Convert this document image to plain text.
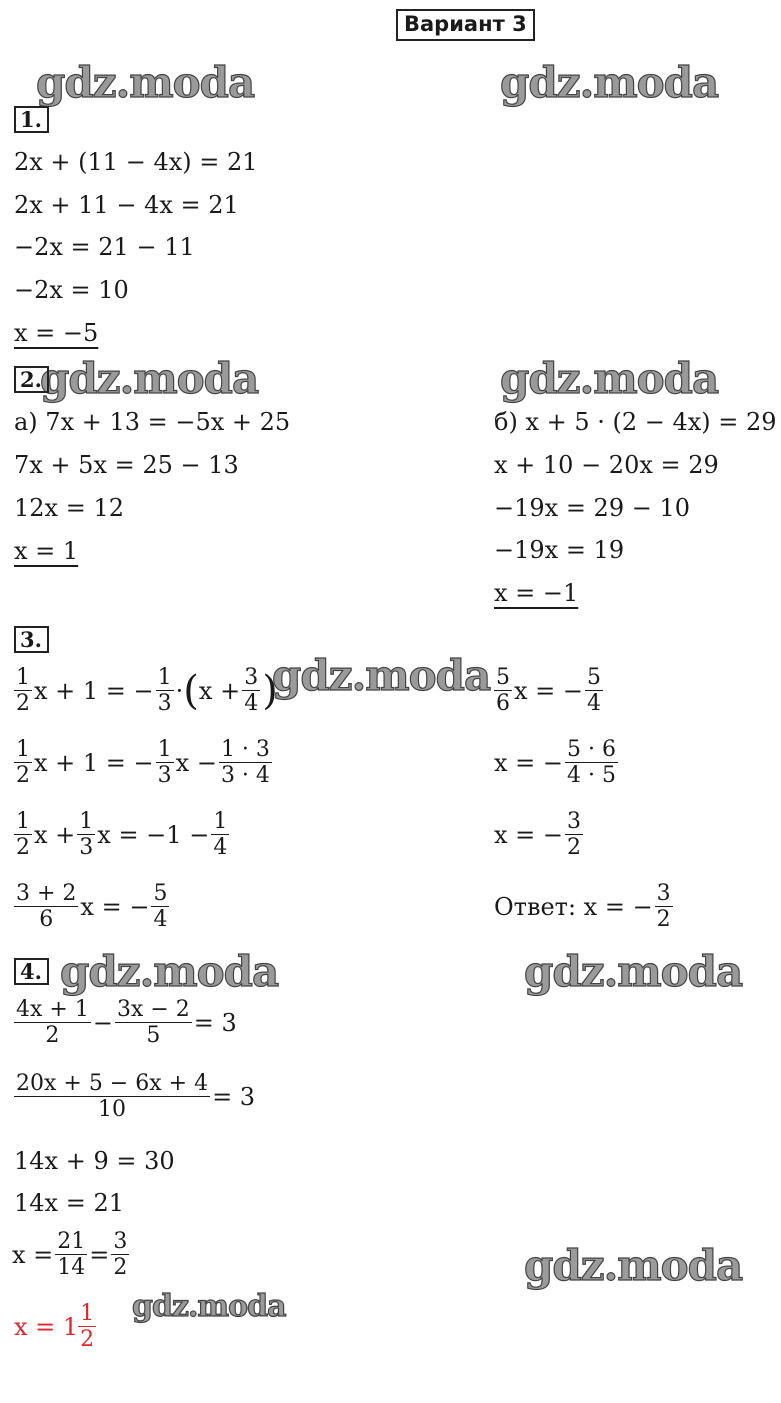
Вариант 3
gdz.moda	gdz.moda
gdz.moda	gdz.moda
gdz.moda
gdz.moda	gdz.moda
gdz.moda
gdz.moda
1.
2x + (11 − 4x) = 21
2x + 11 − 4x = 21
−2x = 21 − 11
−2x = 10
x = −5
2.
а) 7x + 13 = −5x + 25
7x + 5x = 25 − 13
12x = 12
x = 1
б) x + 5 · (2 − 4x) = 29
x + 10 − 20x = 29
−19x = 29 − 10
−19x = 19
x = −1
3.
$\frac{1}{2}$ x + 1 = − $\frac{1}{3}$ · ( $x + \frac{3}{4}$ )
$\frac{1}{2}$ x + 1 = − $\frac{1}{3}$ $x - \frac{1 \cdot 3}{3 \cdot 4}$
$\frac{1}{2}$ $x + \frac{1}{3}$ $x = -1 - \frac{1}{4}$
$\frac{3 + 2}{6}$ x = − $\frac{5}{4}$
$\frac{5}{6}$ x = − $\frac{5}{4}$
x = − $\frac{5 \cdot 6}{4 \cdot 5}$
x = − $\frac{3}{2}$
Ответ: x = − $\frac{3}{2}$
4.
$\frac{4x + 1}{2} - \frac{3x - 2}{5} = 3$
$\frac{20x + 5 - 6x + 4}{10} = 3$
14x + 9 = 30
14x = 21
$x = \frac{21}{14} = \frac{3}{2}$
$x = 1 \frac{1}{2}$
